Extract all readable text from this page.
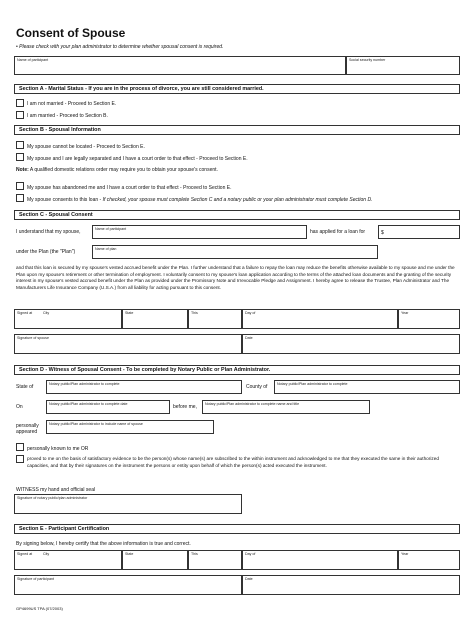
Consent of Spouse
• Please check with your plan administrator to determine whether spousal consent is required.
Name of participant	Social security number
Section A - Marital Status - If you are in the process of divorce, you are still considered married.
I am not married - Proceed to Section E.
I am married - Proceed to Section B.
Section B - Spousal Information
My spouse cannot be located - Proceed to Section E.
My spouse and I are legally separated and I have a court order to that effect - Proceed to Section E.
Note: A qualified domestic relations order may require you to obtain your spouse's consent.
My spouse has abandoned me and I have a court order to that effect - Proceed to Section E.
My spouse consents to this loan - If checked, your spouse must complete Section C and a notary public or your plan administrator must complete Section D.
Section C - Spousal Consent
I understand that my spouse,	Name of participant	has applied for a loan for	$
under the Plan (the "Plan")	Name of plan
and that this loan is secured by my spouse's vested accrued benefit under the Plan. I further understand that a failure to repay the loan may reduce the benefits otherwise available to my spouse and me under the Plan upon my spouse's retirement or other termination of employment. I voluntarily consent to my spouse's loan application according to the terms of the attached loan documents and the granting of the security interest in my spouse's vested accrued benefit under the Plan as provided under the Promissory Note and Irrevocable Pledge and Assignment. I hereby agree to release the Trustee, Plan Administrator and The Manufacturers Life Insurance Company (U.S.A.) from all liability for acting pursuant to this consent.
Signed at	City	State	This	Day of	Year
Signature of spouse	Date
Section D - Witness of Spousal Consent - To be completed by Notary Public or Plan Administrator.
State of	Notary public/Plan administrator to complete	County of	Notary public/Plan administrator to complete
On	Notary public/Plan administrator to complete date	before me, Notary public/Plan administrator to complete name and title
personally appeared
Notary public/Plan administrator to include name of spouse
personally known to me OR
proved to me on the basis of satisfactory evidence to be the person(s) whose name(s) are subscribed to the within instrument and acknowledged to me that they executed the same in their authorized capacities, and that by their signatures on the instrument the persons or entity upon behalf of which the person(s) acted executed the instrument.
WITNESS my hand and official seal
Signature of notary public/plan administrator
Section E - Participant Certification
By signing below, I hereby certify that the above information is true and correct.
Signed at	City	State	This	Day of	Year
Signature of participant	Date
GP4699US TPA (07/2003)
